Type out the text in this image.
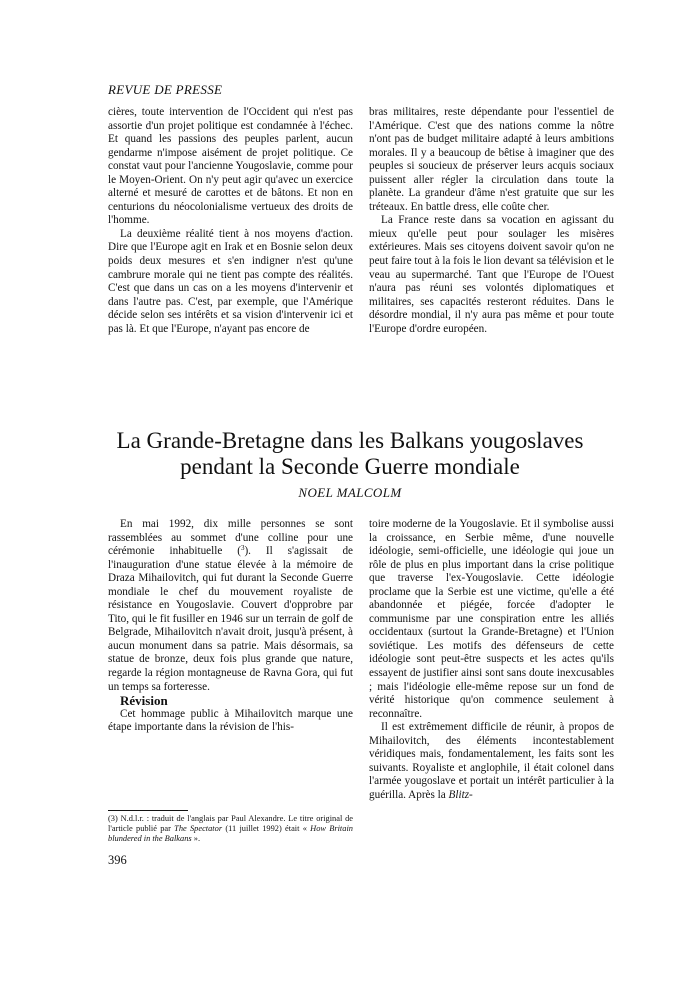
REVUE DE PRESSE

cières, toute intervention de l'Occident qui n'est pas assortie d'un projet politique est condamnée à l'échec. Et quand les passions des peuples parlent, aucun gendarme n'impose aisément de projet politique. Ce constat vaut pour l'ancienne Yougoslavie, comme pour le Moyen-Orient. On n'y peut agir qu'avec un exercice alterné et mesuré de carottes et de bâtons. Et non en centurions du néocolonialisme vertueux des droits de l'homme.

La deuxième réalité tient à nos moyens d'action. Dire que l'Europe agit en Irak et en Bosnie selon deux poids deux mesures et s'en indigner n'est qu'une cambrure morale qui ne tient pas compte des réalités. C'est que dans un cas on a les moyens d'intervenir et dans l'autre pas. C'est, par exemple, que l'Amérique décide selon ses intérêts et sa vision d'intervenir ici et pas là. Et que l'Europe, n'ayant pas encore de

bras militaires, reste dépendante pour l'essentiel de l'Amérique. C'est que des nations comme la nôtre n'ont pas de budget militaire adapté à leurs ambitions morales. Il y a beaucoup de bêtise à imaginer que des peuples si soucieux de préserver leurs acquis sociaux puissent aller régler la circulation dans toute la planète. La grandeur d'âme n'est gratuite que sur les tréteaux. En battle dress, elle coûte cher.

La France reste dans sa vocation en agissant du mieux qu'elle peut pour soulager les misères extérieures. Mais ses citoyens doivent savoir qu'on ne peut faire tout à la fois le lion devant sa télévision et le veau au supermarché. Tant que l'Europe de l'Ouest n'aura pas réuni ses volontés diplomatiques et militaires, ses capacités resteront réduites. Dans le désordre mondial, il n'y aura pas même et pour toute l'Europe d'ordre européen.

La Grande-Bretagne dans les Balkans yougoslaves
pendant la Seconde Guerre mondiale
NOEL MALCOLM

En mai 1992, dix mille personnes se sont rassemblées au sommet d'une colline pour une cérémonie inhabituelle ($^3$). Il s'agissait de l'inauguration d'une statue élevée à la mémoire de Draza Mihailovitch, qui fut durant la Seconde Guerre mondiale le chef du mouvement royaliste de résistance en Yougoslavie. Couvert d'opprobre par Tito, qui le fit fusiller en 1946 sur un terrain de golf de Belgrade, Mihailovitch n'avait droit, jusqu'à présent, à aucun monument dans sa patrie. Mais désormais, sa statue de bronze, deux fois plus grande que nature, regarde la région montagneuse de Ravna Gora, qui fut un temps sa forteresse.

Révision

Cet hommage public à Mihailovitch marque une étape importante dans la révision de l'his-

toire moderne de la Yougoslavie. Et il symbolise aussi la croissance, en Serbie même, d'une nouvelle idéologie, semi-officielle, une idéologie qui joue un rôle de plus en plus important dans la crise politique que traverse l'ex-Yougoslavie. Cette idéologie proclame que la Serbie est une victime, qu'elle a été abandonnée et piégée, forcée d'adopter le communisme par une conspiration entre les alliés occidentaux (surtout la Grande-Bretagne) et l'Union soviétique. Les motifs des défenseurs de cette idéologie sont peut-être suspects et les actes qu'ils essayent de justifier ainsi sont sans doute inexcusables ; mais l'idéologie elle-même repose sur un fond de vérité historique qu'on commence seulement à reconnaître.

Il est extrêmement difficile de réunir, à propos de Mihailovitch, des éléments incontestablement véridiques mais, fondamentalement, les faits sont les suivants. Royaliste et anglophile, il était colonel dans l'armée yougoslave et portait un intérêt particulier à la guérilla. Après la Blitz-

(3) N.d.l.r. : traduit de l'anglais par Paul Alexandre. Le titre original de l'article publié par The Spectator (11 juillet 1992) était « How Britain blundered in the Balkans ».
396
